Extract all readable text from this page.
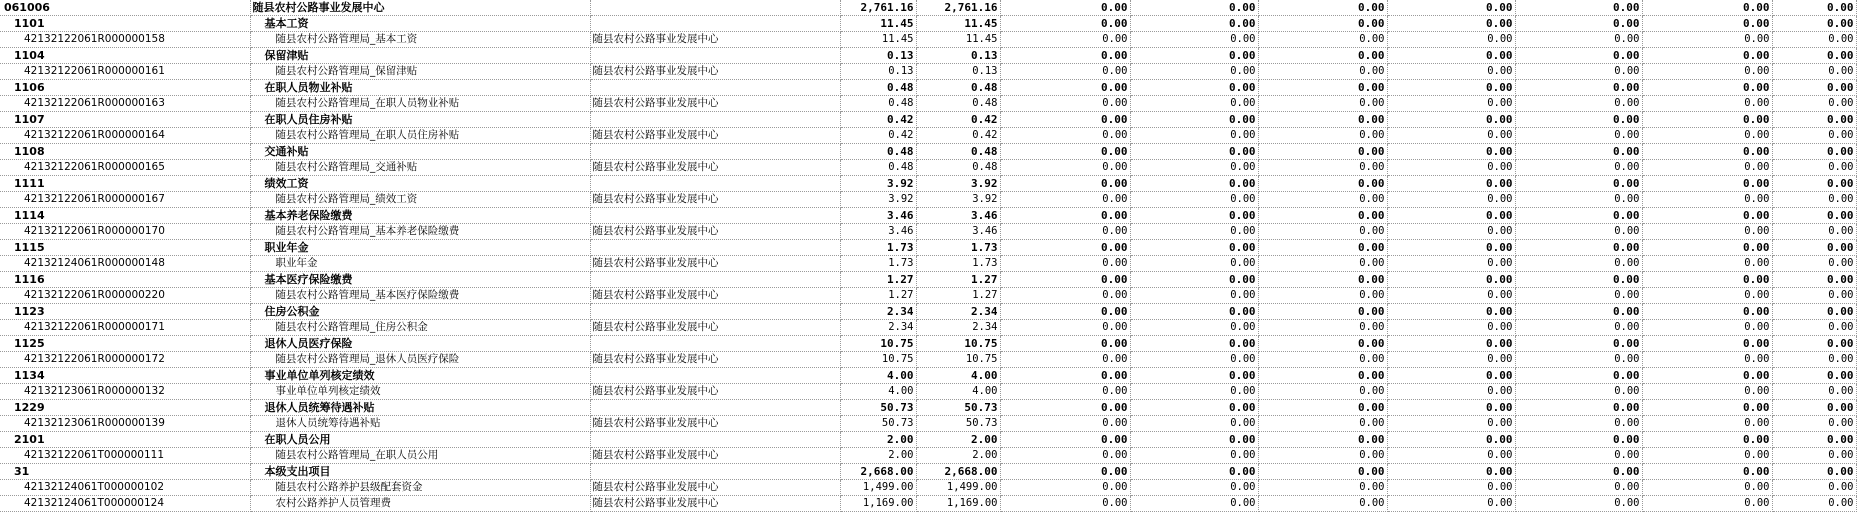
061006	随县农村公路事业发展中心		2,761.16	2,761.16	0.00	0.00	0.00	0.00	0.00	0.00	0.00
1101	基本工资		11.45	11.45	0.00	0.00	0.00	0.00	0.00	0.00	0.00
42132122061R000000158	随县农村公路管理局_基本工资	随县农村公路事业发展中心	11.45	11.45	0.00	0.00	0.00	0.00	0.00	0.00	0.00
1104	保留津贴		0.13	0.13	0.00	0.00	0.00	0.00	0.00	0.00	0.00
42132122061R000000161	随县农村公路管理局_保留津贴	随县农村公路事业发展中心	0.13	0.13	0.00	0.00	0.00	0.00	0.00	0.00	0.00
1106	在职人员物业补贴		0.48	0.48	0.00	0.00	0.00	0.00	0.00	0.00	0.00
42132122061R000000163	随县农村公路管理局_在职人员物业补贴	随县农村公路事业发展中心	0.48	0.48	0.00	0.00	0.00	0.00	0.00	0.00	0.00
1107	在职人员住房补贴		0.42	0.42	0.00	0.00	0.00	0.00	0.00	0.00	0.00
42132122061R000000164	随县农村公路管理局_在职人员住房补贴	随县农村公路事业发展中心	0.42	0.42	0.00	0.00	0.00	0.00	0.00	0.00	0.00
1108	交通补贴		0.48	0.48	0.00	0.00	0.00	0.00	0.00	0.00	0.00
42132122061R000000165	随县农村公路管理局_交通补贴	随县农村公路事业发展中心	0.48	0.48	0.00	0.00	0.00	0.00	0.00	0.00	0.00
1111	绩效工资		3.92	3.92	0.00	0.00	0.00	0.00	0.00	0.00	0.00
42132122061R000000167	随县农村公路管理局_绩效工资	随县农村公路事业发展中心	3.92	3.92	0.00	0.00	0.00	0.00	0.00	0.00	0.00
1114	基本养老保险缴费		3.46	3.46	0.00	0.00	0.00	0.00	0.00	0.00	0.00
42132122061R000000170	随县农村公路管理局_基本养老保险缴费	随县农村公路事业发展中心	3.46	3.46	0.00	0.00	0.00	0.00	0.00	0.00	0.00
1115	职业年金		1.73	1.73	0.00	0.00	0.00	0.00	0.00	0.00	0.00
42132124061R000000148	职业年金	随县农村公路事业发展中心	1.73	1.73	0.00	0.00	0.00	0.00	0.00	0.00	0.00
1116	基本医疗保险缴费		1.27	1.27	0.00	0.00	0.00	0.00	0.00	0.00	0.00
42132122061R000000220	随县农村公路管理局_基本医疗保险缴费	随县农村公路事业发展中心	1.27	1.27	0.00	0.00	0.00	0.00	0.00	0.00	0.00
1123	住房公积金		2.34	2.34	0.00	0.00	0.00	0.00	0.00	0.00	0.00
42132122061R000000171	随县农村公路管理局_住房公积金	随县农村公路事业发展中心	2.34	2.34	0.00	0.00	0.00	0.00	0.00	0.00	0.00
1125	退休人员医疗保险		10.75	10.75	0.00	0.00	0.00	0.00	0.00	0.00	0.00
42132122061R000000172	随县农村公路管理局_退休人员医疗保险	随县农村公路事业发展中心	10.75	10.75	0.00	0.00	0.00	0.00	0.00	0.00	0.00
1134	事业单位单列核定绩效		4.00	4.00	0.00	0.00	0.00	0.00	0.00	0.00	0.00
42132123061R000000132	事业单位单列核定绩效	随县农村公路事业发展中心	4.00	4.00	0.00	0.00	0.00	0.00	0.00	0.00	0.00
1229	退休人员统筹待遇补贴		50.73	50.73	0.00	0.00	0.00	0.00	0.00	0.00	0.00
42132123061R000000139	退休人员统筹待遇补贴	随县农村公路事业发展中心	50.73	50.73	0.00	0.00	0.00	0.00	0.00	0.00	0.00
2101	在职人员公用		2.00	2.00	0.00	0.00	0.00	0.00	0.00	0.00	0.00
42132122061T000000111	随县农村公路管理局_在职人员公用	随县农村公路事业发展中心	2.00	2.00	0.00	0.00	0.00	0.00	0.00	0.00	0.00
31	本级支出项目		2,668.00	2,668.00	0.00	0.00	0.00	0.00	0.00	0.00	0.00
42132124061T000000102	随县农村公路养护县级配套资金	随县农村公路事业发展中心	1,499.00	1,499.00	0.00	0.00	0.00	0.00	0.00	0.00	0.00
42132124061T000000124	农村公路养护人员管理费	随县农村公路事业发展中心	1,169.00	1,169.00	0.00	0.00	0.00	0.00	0.00	0.00	0.00
